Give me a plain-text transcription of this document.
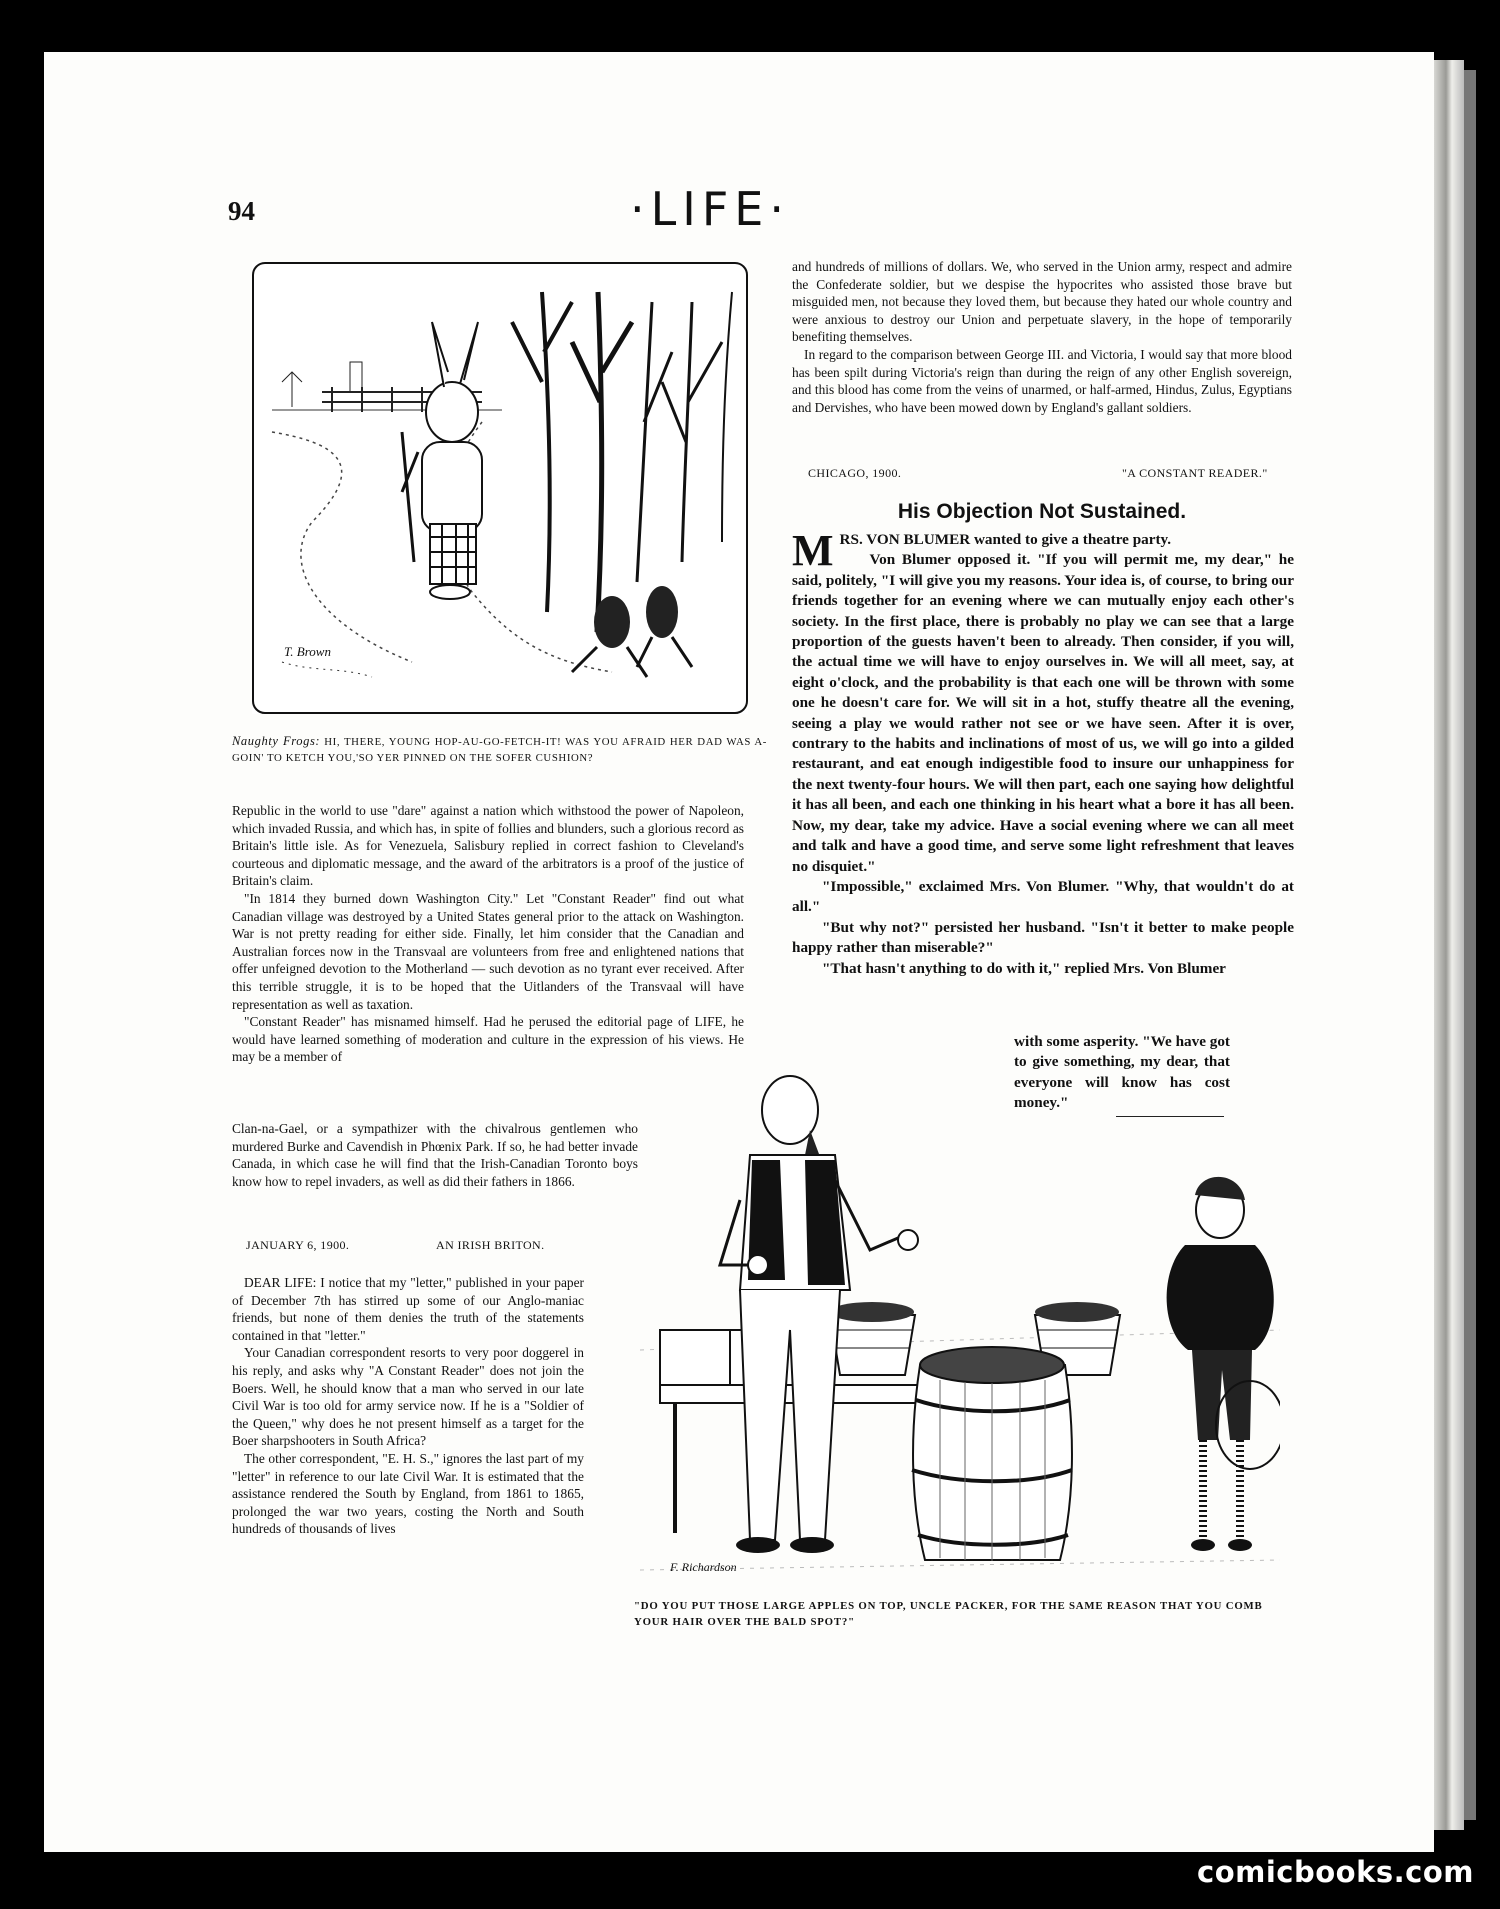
94	·LIFE·
T. Brown
Naughty Frogs: HI, THERE, YOUNG HOP-AU-GO-FETCH-IT! WAS YOU AFRAID HER DAD WAS A-GOIN' TO KETCH YOU,'SO YER PINNED ON THE SOFER CUSHION?

Republic in the world to use "dare" against a nation which withstood the power of Napoleon, which invaded Russia, and which has, in spite of follies and blunders, such a glorious record as Britain's little isle. As for Venezuela, Salisbury replied in correct fashion to Cleveland's courteous and diplomatic message, and the award of the arbitrators is a proof of the justice of Britain's claim.

"In 1814 they burned down Washington City." Let "Constant Reader" find out what Canadian village was destroyed by a United States general prior to the attack on Washington. War is not pretty reading for either side. Finally, let him consider that the Canadian and Australian forces now in the Transvaal are volunteers from free and enlightened nations that offer unfeigned devotion to the Motherland — such devotion as no tyrant ever received. After this terrible struggle, it is to be hoped that the Uitlanders of the Transvaal will have representation as well as taxation.

"Constant Reader" has misnamed himself. Had he perused the editorial page of LIFE, he would have learned something of moderation and culture in the expression of his views. He may be a member of

Clan-na-Gael, or a sympathizer with the chivalrous gentlemen who murdered Burke and Cavendish in Phœnix Park. If so, he had better invade Canada, in which case he will find that the Irish-Canadian Toronto boys know how to repel invaders, as well as did their fathers in 1866.

JANUARY 6, 1900.	AN IRISH BRITON.

DEAR LIFE: I notice that my "letter," published in your paper of December 7th has stirred up some of our Anglo-maniac friends, but none of them denies the truth of the statements contained in that "letter."

Your Canadian correspondent resorts to very poor doggerel in his reply, and asks why "A Constant Reader" does not join the Boers. Well, he should know that a man who served in our late Civil War is too old for army service now. If he is a "Soldier of the Queen," why does he not present himself as a target for the Boer sharpshooters in South Africa?

The other correspondent, "E. H. S.," ignores the last part of my "letter" in reference to our late Civil War. It is estimated that the assistance rendered the South by England, from 1861 to 1865, prolonged the war two years, costing the North and South hundreds of thousands of lives

and hundreds of millions of dollars. We, who served in the Union army, respect and admire the Confederate soldier, but we despise the hypocrites who assisted those brave but misguided men, not because they loved them, but because they hated our whole country and were anxious to destroy our Union and perpetuate slavery, in the hope of temporarily benefiting themselves.

In regard to the comparison between George III. and Victoria, I would say that more blood has been spilt during Victoria's reign than during the reign of any other English sovereign, and this blood has come from the veins of unarmed, or half-armed, Hindus, Zulus, Egyptians and Dervishes, who have been mowed down by England's gallant soldiers.

CHICAGO, 1900.	"A CONSTANT READER."
His Objection Not Sustained.
M RS. VON BLUMER wanted to give a theatre party.

Von Blumer opposed it. "If you will permit me, my dear," he said, politely, "I will give you my reasons. Your idea is, of course, to bring our friends together for an evening where we can mutually enjoy each other's society. In the first place, there is probably no play we can see that a large proportion of the guests haven't been to already. Then consider, if you will, the actual time we will have to enjoy ourselves in. We will all meet, say, at eight o'clock, and the probability is that each one will be thrown with some one he doesn't care for. We will sit in a hot, stuffy theatre all the evening, seeing a play we would rather not see or we have seen. After it is over, contrary to the habits and inclinations of most of us, we will go into a gilded restaurant, and eat enough indigestible food to insure our unhappiness for the next twenty-four hours. We will then part, each one saying how delightful it has all been, and each one thinking in his heart what a bore it has all been. Now, my dear, take my advice. Have a social evening where we can all meet and talk and have a good time, and serve some light refreshment that leaves no disquiet."

"Impossible," exclaimed Mrs. Von Blumer. "Why, that wouldn't do at all."

"But why not?" persisted her husband. "Isn't it better to make people happy rather than miserable?"

"That hasn't anything to do with it," replied Mrs. Von Blumer

with some asperity. "We have got to give something, my dear, that everyone will know has cost money."

F. Richardson
"DO YOU PUT THOSE LARGE APPLES ON TOP, UNCLE PACKER, FOR THE SAME REASON THAT YOU COMB YOUR HAIR OVER THE BALD SPOT?"
comicbooks.com
